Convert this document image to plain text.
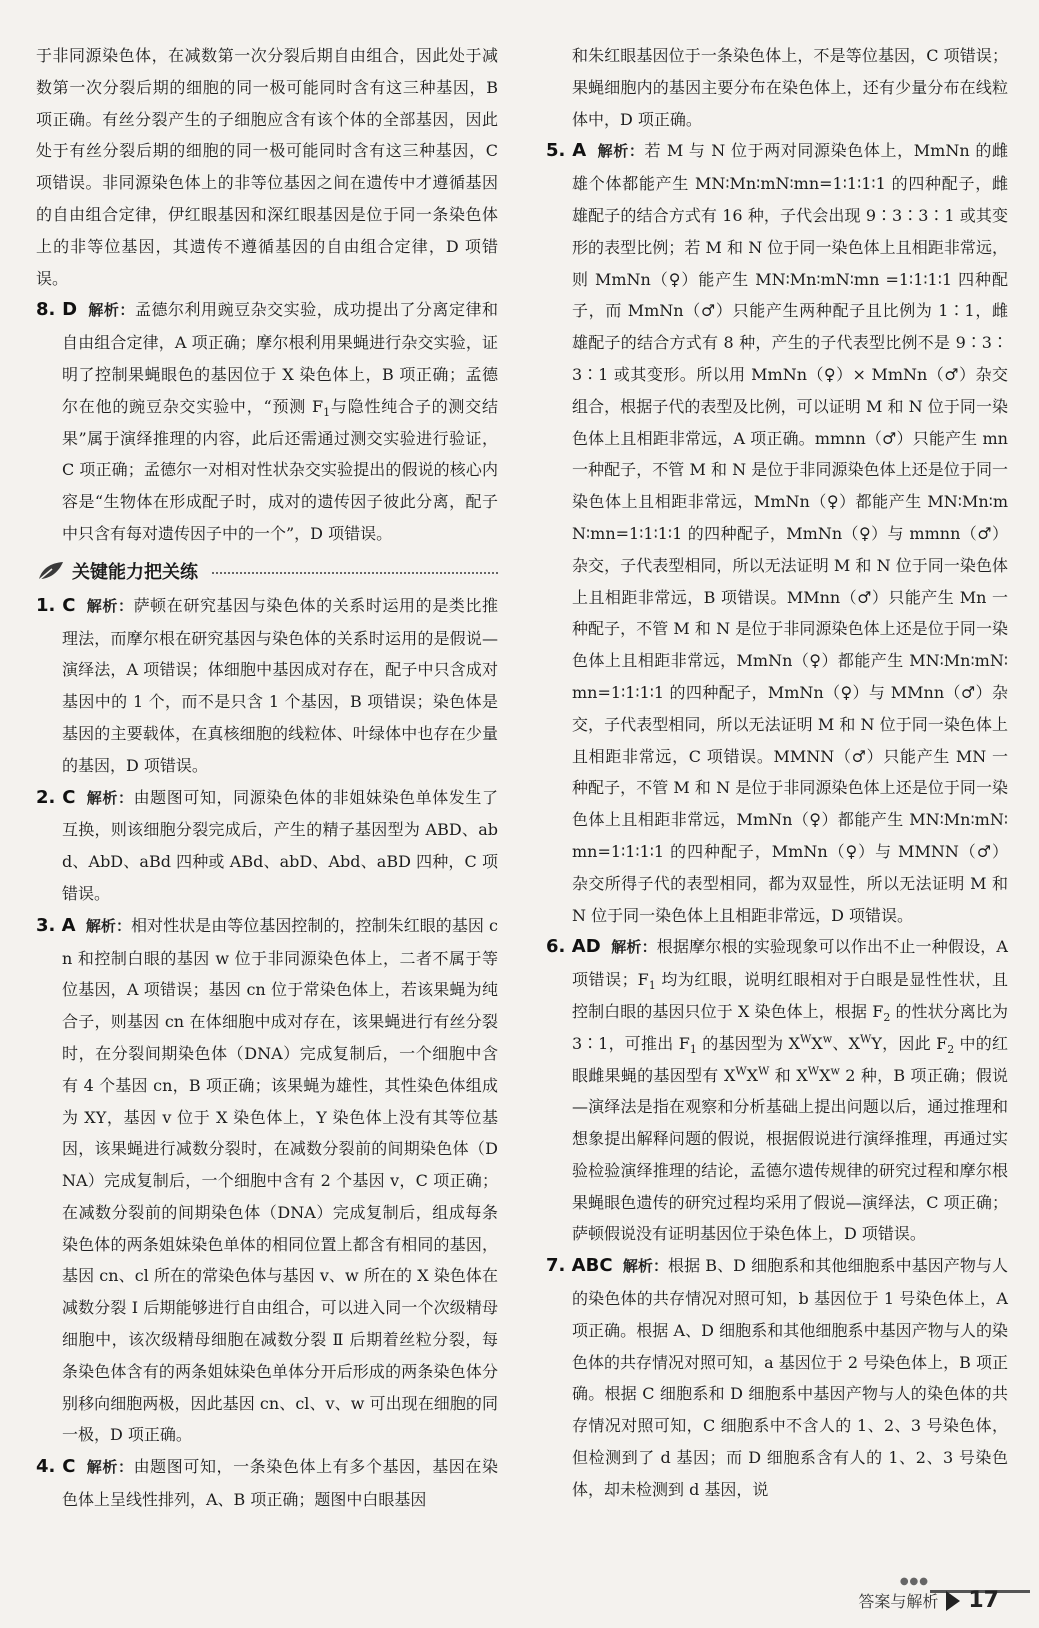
于非同源染色体，在减数第一次分裂后期自由组合，因此处于减数第一次分裂后期的细胞的同一极可能同时含有这三种基因，B 项正确。有丝分裂产生的子细胞应含有该个体的全部基因，因此处于有丝分裂后期的细胞的同一极可能同时含有这三种基因，C 项错误。非同源染色体上的非等位基因之间在遗传中才遵循基因的自由组合定律，伊红眼基因和深红眼基因是位于同一条染色体上的非等位基因，其遗传不遵循基因的自由组合定律，D 项错误。

8. D 解析：孟德尔利用豌豆杂交实验，成功提出了分离定律和自由组合定律，A 项正确；摩尔根利用果蝇进行杂交实验，证明了控制果蝇眼色的基因位于 X 染色体上，B 项正确；孟德尔在他的豌豆杂交实验中，“预测 $F_1$与隐性纯合子的测交结果”属于演绎推理的内容，此后还需通过测交实验进行验证，C 项正确；孟德尔一对相对性状杂交实验提出的假说的核心内容是“生物体在形成配子时，成对的遗传因子彼此分离，配子中只含有每对遗传因子中的一个”，D 项错误。

关键能力把关练

1. C 解析：萨顿在研究基因与染色体的关系时运用的是类比推理法，而摩尔根在研究基因与染色体的关系时运用的是假说—演绎法，A 项错误；体细胞中基因成对存在，配子中只含成对基因中的 1 个，而不是只含 1 个基因，B 项错误；染色体是基因的主要载体，在真核细胞的线粒体、叶绿体中也存在少量的基因，D 项错误。

2. C 解析：由题图可知，同源染色体的非姐妹染色单体发生了互换，则该细胞分裂完成后，产生的精子基因型为 ABD、abd、AbD、aBd 四种或 ABd、abD、Abd、aBD 四种，C 项错误。

3. A 解析：相对性状是由等位基因控制的，控制朱红眼的基因 cn 和控制白眼的基因 w 位于非同源染色体上，二者不属于等位基因，A 项错误；基因 cn 位于常染色体上，若该果蝇为纯合子，则基因 cn 在体细胞中成对存在，该果蝇进行有丝分裂时，在分裂间期染色体（DNA）完成复制后，一个细胞中含有 4 个基因 cn，B 项正确；该果蝇为雄性，其性染色体组成为 XY，基因 v 位于 X 染色体上，Y 染色体上没有其等位基因，该果蝇进行减数分裂时，在减数分裂前的间期染色体（DNA）完成复制后，一个细胞中含有 2 个基因 v，C 项正确；在减数分裂前的间期染色体（DNA）完成复制后，组成每条染色体的两条姐妹染色单体的相同位置上都含有相同的基因，基因 cn、cl 所在的常染色体与基因 v、w 所在的 X 染色体在减数分裂 Ⅰ 后期能够进行自由组合，可以进入同一个次级精母细胞中，该次级精母细胞在减数分裂 Ⅱ 后期着丝粒分裂，每条染色体含有的两条姐妹染色单体分开后形成的两条染色体分别移向细胞两极，因此基因 cn、cl、v、w 可出现在细胞的同一极，D 项正确。

4. C 解析：由题图可知，一条染色体上有多个基因，基因在染色体上呈线性排列，A、B 项正确；题图中白眼基因

和朱红眼基因位于一条染色体上，不是等位基因，C 项错误；果蝇细胞内的基因主要分布在染色体上，还有少量分布在线粒体中，D 项正确。

5. A 解析：若 M 与 N 位于两对同源染色体上，MmNn 的雌雄个体都能产生 MN∶Mn∶mN∶mn=1∶1∶1∶1 的四种配子，雌雄配子的结合方式有 16 种，子代会出现 9∶3∶3∶1 或其变形的表型比例；若 M 和 N 位于同一染色体上且相距非常远，则 MmNn（♀）能产生 MN∶Mn∶mN∶mn =1∶1∶1∶1 四种配子，而 MmNn（♂）只能产生两种配子且比例为 1∶1，雌雄配子的结合方式有 8 种，产生的子代表型比例不是 9∶3∶3∶1 或其变形。所以用 MmNn（♀）× MmNn（♂）杂交组合，根据子代的表型及比例，可以证明 M 和 N 位于同一染色体上且相距非常远，A 项正确。mmnn（♂）只能产生 mn 一种配子，不管 M 和 N 是位于非同源染色体上还是位于同一染色体上且相距非常远，MmNn（♀）都能产生 MN∶Mn∶mN∶mn=1∶1∶1∶1 的四种配子，MmNn（♀）与 mmnn（♂）杂交，子代表型相同，所以无法证明 M 和 N 位于同一染色体上且相距非常远，B 项错误。MMnn（♂）只能产生 Mn 一种配子，不管 M 和 N 是位于非同源染色体上还是位于同一染色体上且相距非常远，MmNn（♀）都能产生 MN∶Mn∶mN∶mn=1∶1∶1∶1 的四种配子，MmNn（♀）与 MMnn（♂）杂交，子代表型相同，所以无法证明 M 和 N 位于同一染色体上且相距非常远，C 项错误。MMNN（♂）只能产生 MN 一种配子，不管 M 和 N 是位于非同源染色体上还是位于同一染色体上且相距非常远，MmNn（♀）都能产生 MN∶Mn∶mN∶mn=1∶1∶1∶1 的四种配子，MmNn（♀）与 MMNN（♂）杂交所得子代的表型相同，都为双显性，所以无法证明 M 和 N 位于同一染色体上且相距非常远，D 项错误。

6. AD 解析：根据摩尔根的实验现象可以作出不止一种假设，A 项错误；$F_1$ 均为红眼，说明红眼相对于白眼是显性性状，且控制白眼的基因只位于 X 染色体上，根据 $F_2$ 的性状分离比为 3∶1，可推出 $F_1$ 的基因型为 $X^WX^w$、$X^WY$，因此 $F_2$ 中的红眼雌果蝇的基因型有 $X^WX^W$ 和 $X^WX^w$ 2 种，B 项正确；假说—演绎法是指在观察和分析基础上提出问题以后，通过推理和想象提出解释问题的假说，根据假说进行演绎推理，再通过实验检验演绎推理的结论，孟德尔遗传规律的研究过程和摩尔根果蝇眼色遗传的研究过程均采用了假说—演绎法，C 项正确；萨顿假说没有证明基因位于染色体上，D 项错误。

7. ABC 解析：根据 B、D 细胞系和其他细胞系中基因产物与人的染色体的共存情况对照可知，b 基因位于 1 号染色体上，A 项正确。根据 A、D 细胞系和其他细胞系中基因产物与人的染色体的共存情况对照可知，a 基因位于 2 号染色体上，B 项正确。根据 C 细胞系和 D 细胞系中基因产物与人的染色体的共存情况对照可知，C 细胞系中不含人的 1、2、3 号染色体，但检测到了 d 基因；而 D 细胞系含有人的 1、2、3 号染色体，却未检测到 d 基因，说

●●●
答案与解析 17
